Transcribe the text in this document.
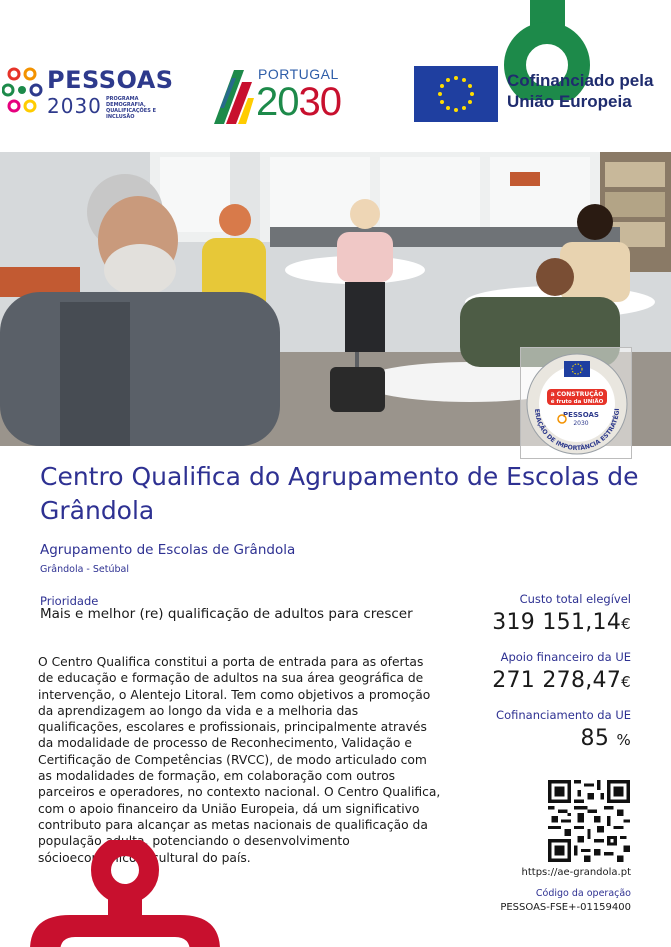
PESSOAS
2030 PROGRAMA DEMOGRAFIA, QUALIFICAÇÕES E INCLUSÃO
PORTUGAL
2030	Cofinanciado pela
União Europeia
a CONSTRUÇÃO
é fruto da UNIÃO
PESSOAS
2030
ERAÇÃO DE IMPORTÂNCIA ESTRATÉGI
Centro Qualifica do Agrupamento de Escolas de Grândola
Agrupamento de Escolas de Grândola
Grândola - Setúbal
Prioridade
Mais e melhor (re) qualificação de adultos para crescer
O Centro Qualifica constitui a porta de entrada para as ofertas de educação e formação de adultos na sua área geográfica de intervenção, o Alentejo Litoral. Tem como objetivos a promoção da aprendizagem ao longo da vida e a melhoria das qualificações, escolares e profissionais, principalmente através da modalidade de processo de Reconhecimento, Validação e Certificação de Competências (RVCC), de modo articulado com as modalidades de formação, em colaboração com outros parceiros e operadores, no contexto nacional. O Centro Qualifica, com o apoio financeiro da União Europeia, dá um significativo contributo para alcançar as metas nacionais de qualificação da população adulta, potenciando o desenvolvimento sócioeconómico e cultural do país.
Custo total elegível
319 151,14€
Apoio financeiro da UE
271 278,47€
Cofinanciamento da UE
85 %
https://ae-grandola.pt
Código da operação
PESSOAS-FSE+-01159400
